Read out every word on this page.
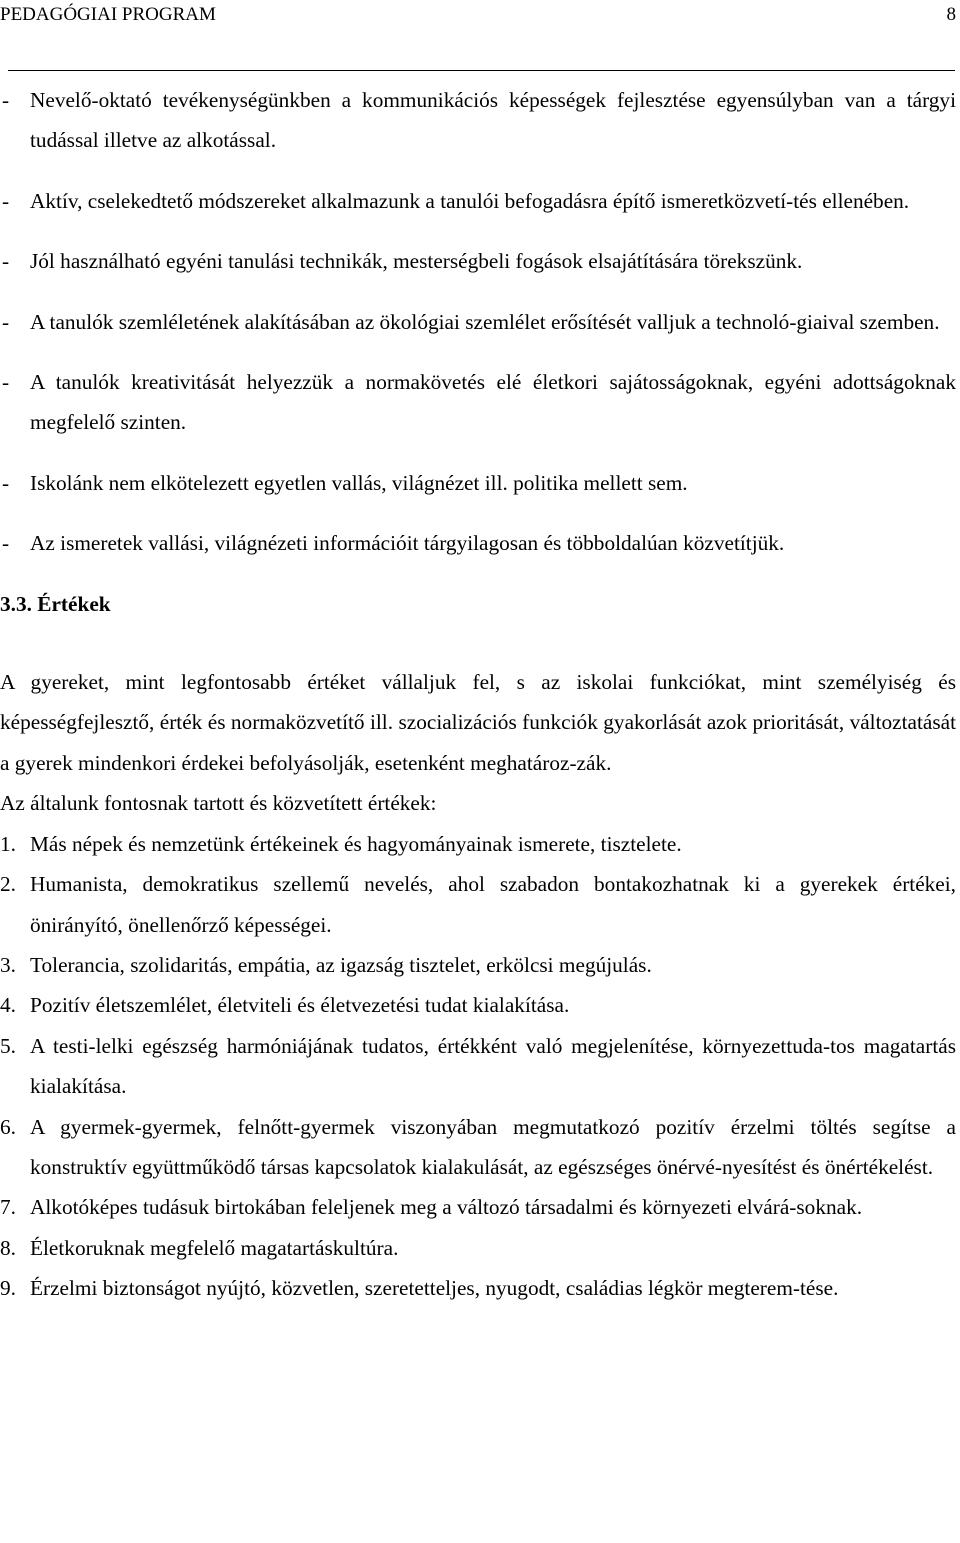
PEDAGÓGIAI PROGRAM	8
- Nevelő-oktató tevékenységünkben a kommunikációs képességek fejlesztése egyensúlyban van a tárgyi tudással illetve az alkotással.
- Aktív, cselekedtető módszereket alkalmazunk a tanulói befogadásra építő ismeretközvetí-tés ellenében.
- Jól használható egyéni tanulási technikák, mesterségbeli fogások elsajátítására törekszünk.
- A tanulók szemléletének alakításában az ökológiai szemlélet erősítését valljuk a technoló-giaival szemben.
- A tanulók kreativitását helyezzük a normakövetés elé életkori sajátosságoknak, egyéni adottságoknak megfelelő szinten.
- Iskolánk nem elkötelezett egyetlen vallás, világnézet ill. politika mellett sem.
- Az ismeretek vallási, világnézeti információit tárgyilagosan és többoldalúan közvetítjük.

3.3. Értékek

A gyereket, mint legfontosabb értéket vállaljuk fel, s az iskolai funkciókat, mint személyiség és képességfejlesztő, érték és normaközvetítő ill. szocializációs funkciók gyakorlását azok prioritását, változtatását a gyerek mindenkori érdekei befolyásolják, esetenként meghatároz-zák.

Az általunk fontosnak tartott és közvetített értékek:

1. Más népek és nemzetünk értékeinek és hagyományainak ismerete, tisztelete.
2. Humanista, demokratikus szellemű nevelés, ahol szabadon bontakozhatnak ki a gyerekek értékei, önirányító, önellenőrző képességei.
3. Tolerancia, szolidaritás, empátia, az igazság tisztelet, erkölcsi megújulás.
4. Pozitív életszemlélet, életviteli és életvezetési tudat kialakítása.
5. A testi-lelki egészség harmóniájának tudatos, értékként való megjelenítése, környezettuda-tos magatartás kialakítása.
6. A gyermek-gyermek, felnőtt-gyermek viszonyában megmutatkozó pozitív érzelmi töltés segítse a konstruktív együttműködő társas kapcsolatok kialakulását, az egészséges önérvé-nyesítést és önértékelést.
7. Alkotóképes tudásuk birtokában feleljenek meg a változó társadalmi és környezeti elvárá-soknak.
8. Életkoruknak megfelelő magatartáskultúra.
9. Érzelmi biztonságot nyújtó, közvetlen, szeretetteljes, nyugodt, családias légkör megterem-tése.
